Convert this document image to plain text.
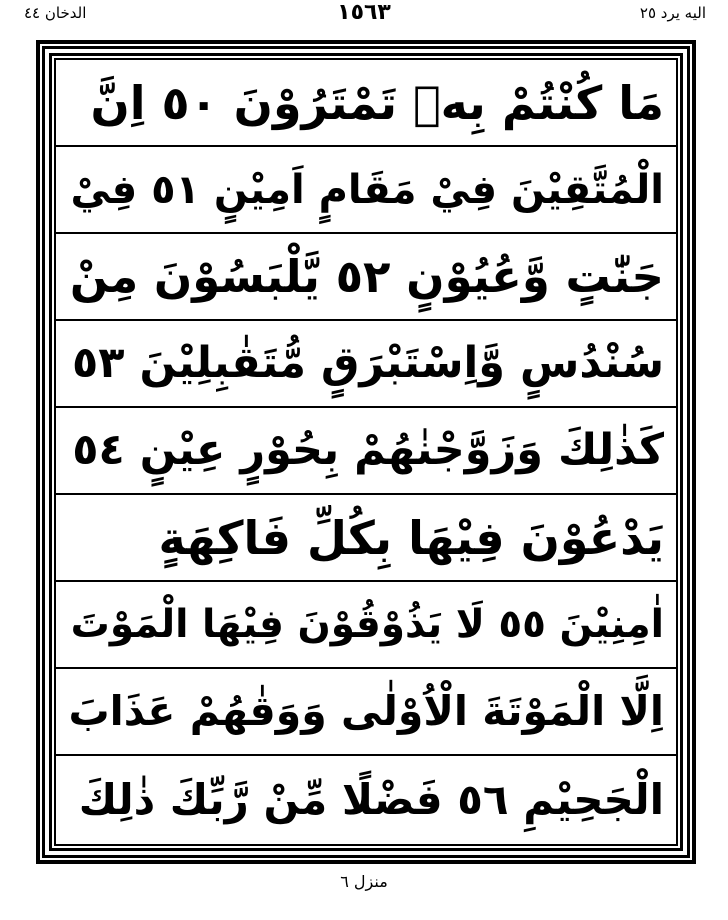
الدخان ٤٤	١٥٦٣	اليه يرد ٢٥
مَا كُنْتُمْ بِهٖ تَمْتَرُوْنَ ٥٠ اِنَّ
الْمُتَّقِيْنَ فِيْ مَقَامٍ اَمِيْنٍ ٥١ فِيْ
جَنّٰتٍ وَّعُيُوْنٍ ٥٢ يَّلْبَسُوْنَ مِنْ
سُنْدُسٍ وَّاِسْتَبْرَقٍ مُّتَقٰبِلِيْنَ ٥٣
كَذٰلِكَ وَزَوَّجْنٰهُمْ بِحُوْرٍ عِيْنٍ ٥٤
يَدْعُوْنَ فِيْهَا بِكُلِّ فَاكِهَةٍ
اٰمِنِيْنَ ٥٥ لَا يَذُوْقُوْنَ فِيْهَا الْمَوْتَ
اِلَّا الْمَوْتَةَ الْاُوْلٰى وَوَقٰهُمْ عَذَابَ
الْجَحِيْمِ ٥٦ فَضْلًا مِّنْ رَّبِّكَ ذٰلِكَ
منزل ٦
